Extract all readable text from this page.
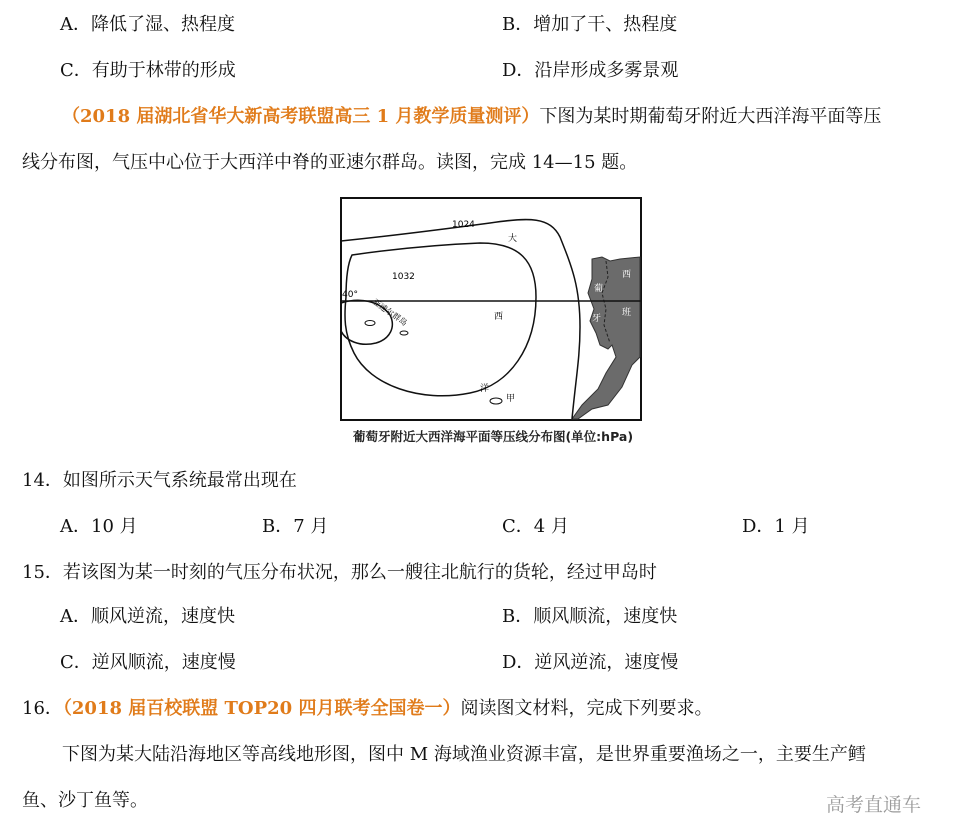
A．降低了湿、热程度	B．增加了干、热程度
C．有助于林带的形成	D．沿岸形成多雾景观
（2018 届湖北省华大新高考联盟高三 1 月教学质量测评）下图为某时期葡萄牙附近大西洋海平面等压
线分布图，气压中心位于大西洋中脊的亚速尔群岛。读图，完成 14—15 题。
1024
1032
40°
大
西
洋
甲
亚速尔群岛
西
班
葡
牙
葡萄牙附近大西洋海平面等压线分布图(单位:hPa)
14．如图所示天气系统最常出现在
A．10 月	B．7 月	C．4 月	D．1 月
15．若该图为某一时刻的气压分布状况，那么一艘往北航行的货轮，经过甲岛时
A．顺风逆流，速度快	B．顺风顺流，速度快
C．逆风顺流，速度慢	D．逆风逆流，速度慢
16．（2018 届百校联盟 TOP20 四月联考全国卷一）阅读图文材料，完成下列要求。
下图为某大陆沿海地区等高线地形图，图中 M 海域渔业资源丰富，是世界重要渔场之一，主要生产鳕
鱼、沙丁鱼等。	高考直通车
